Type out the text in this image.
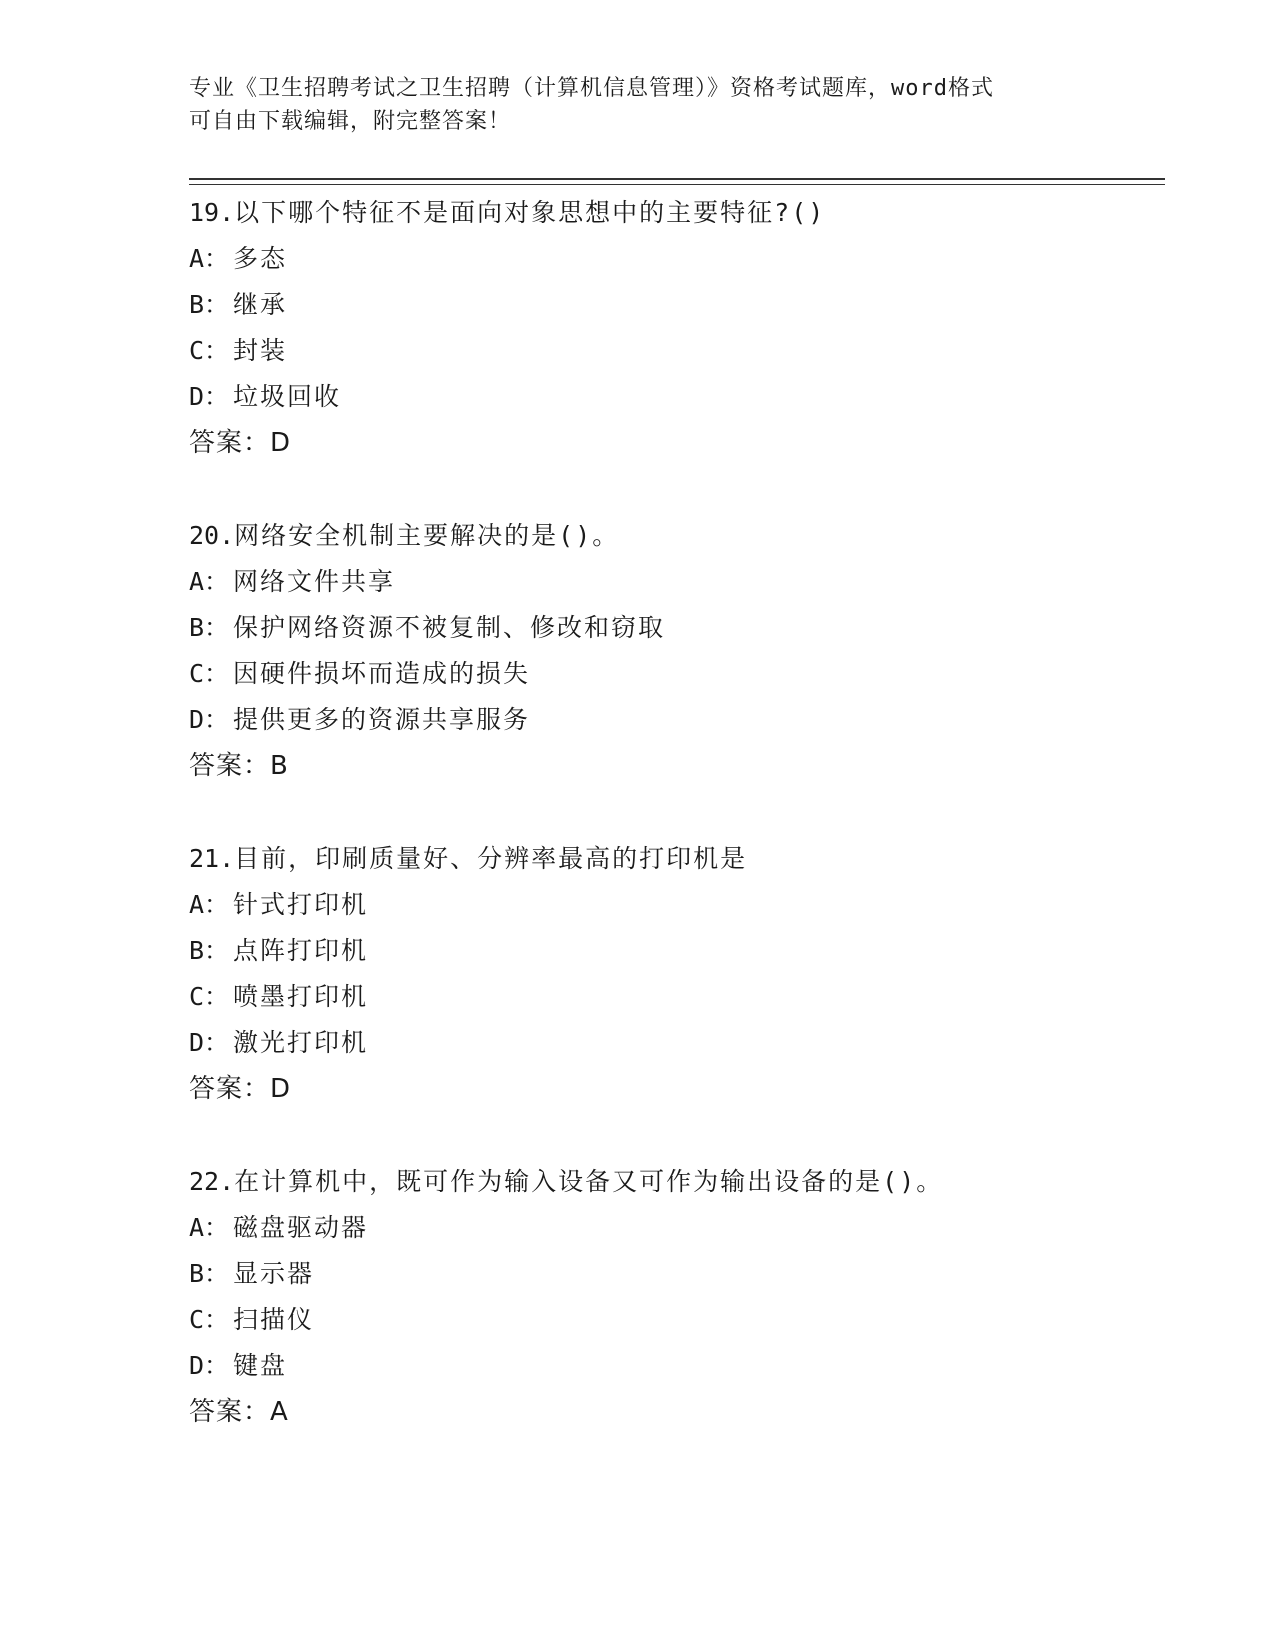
专业《卫生招聘考试之卫生招聘（计算机信息管理）》资格考试题库，word格式
可自由下载编辑，附完整答案！
19.以下哪个特征不是面向对象思想中的主要特征?()
A： 多态
B： 继承
C： 封装
D： 垃圾回收
答案：D
20.网络安全机制主要解决的是()。
A： 网络文件共享
B： 保护网络资源不被复制、修改和窃取
C： 因硬件损坏而造成的损失
D： 提供更多的资源共享服务
答案：B
21.目前，印刷质量好、分辨率最高的打印机是
A： 针式打印机
B： 点阵打印机
C： 喷墨打印机
D： 激光打印机
答案：D
22.在计算机中，既可作为输入设备又可作为输出设备的是()。
A： 磁盘驱动器
B： 显示器
C： 扫描仪
D： 键盘
答案：A
